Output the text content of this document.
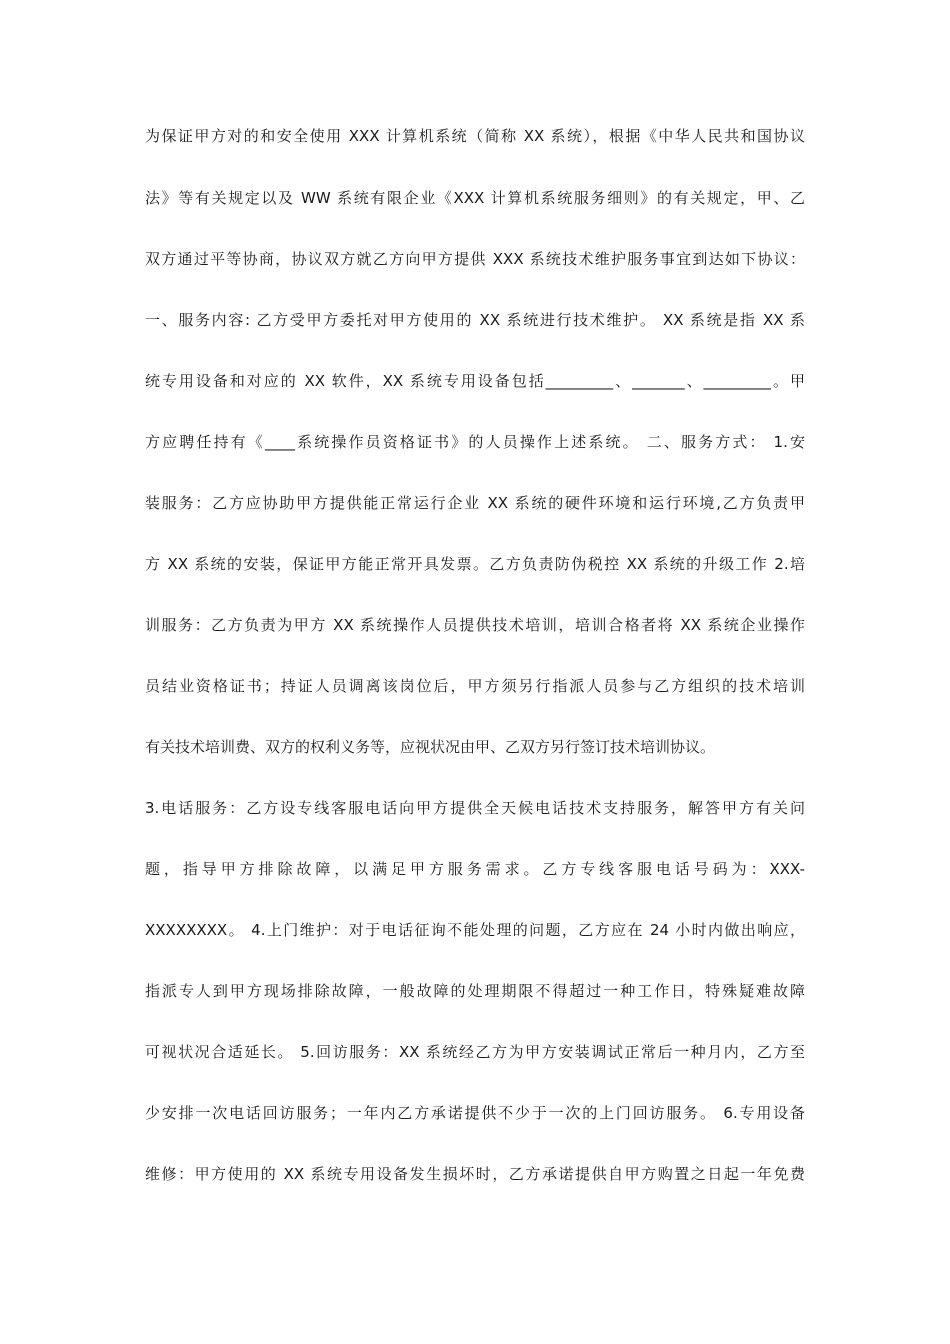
为保证甲方对的和安全使用 XXX 计算机系统（简称 XX 系统），根据《中华人民共和国协议
法》等有关规定以及 WW 系统有限企业《XXX 计算机系统服务细则》的有关规定，甲、乙
双方通过平等协商，协议双方就乙方向甲方提供 XXX 系统技术维护服务事宜到达如下协议：
一、服务内容: 乙方受甲方委托对甲方使用的 XX 系统进行技术维护。 XX 系统是指 XX 系
统专用设备和对应的 XX 软件，XX 系统专用设备包括_________、_______、_________。甲
方应聘任持有《____系统操作员资格证书》的人员操作上述系统。 二、服务方式： 1.安
装服务：乙方应协助甲方提供能正常运行企业 XX 系统的硬件环境和运行环境,乙方负责甲
方 XX 系统的安装，保证甲方能正常开具发票。乙方负责防伪税控 XX 系统的升级工作 2.培
训服务：乙方负责为甲方 XX 系统操作人员提供技术培训，培训合格者将 XX 系统企业操作
员结业资格证书；持证人员调离该岗位后，甲方须另行指派人员参与乙方组织的技术培训
有关技术培训费、双方的权利义务等，应视状况由甲、乙双方另行签订技术培训协议。
3.电话服务：乙方设专线客服电话向甲方提供全天候电话技术支持服务，解答甲方有关问
题，指导甲方排除故障，以满足甲方服务需求。乙方专线客服电话号码为：XXX-
XXXXXXXX。 4.上门维护：对于电话征询不能处理的问题，乙方应在 24 小时内做出响应，
指派专人到甲方现场排除故障，一般故障的处理期限不得超过一种工作日，特殊疑难故障
可视状况合适延长。 5.回访服务：XX 系统经乙方为甲方安装调试正常后一种月内，乙方至
少安排一次电话回访服务；一年内乙方承诺提供不少于一次的上门回访服务。 6.专用设备
维修：甲方使用的 XX 系统专用设备发生损坏时，乙方承诺提供自甲方购置之日起一年免费
